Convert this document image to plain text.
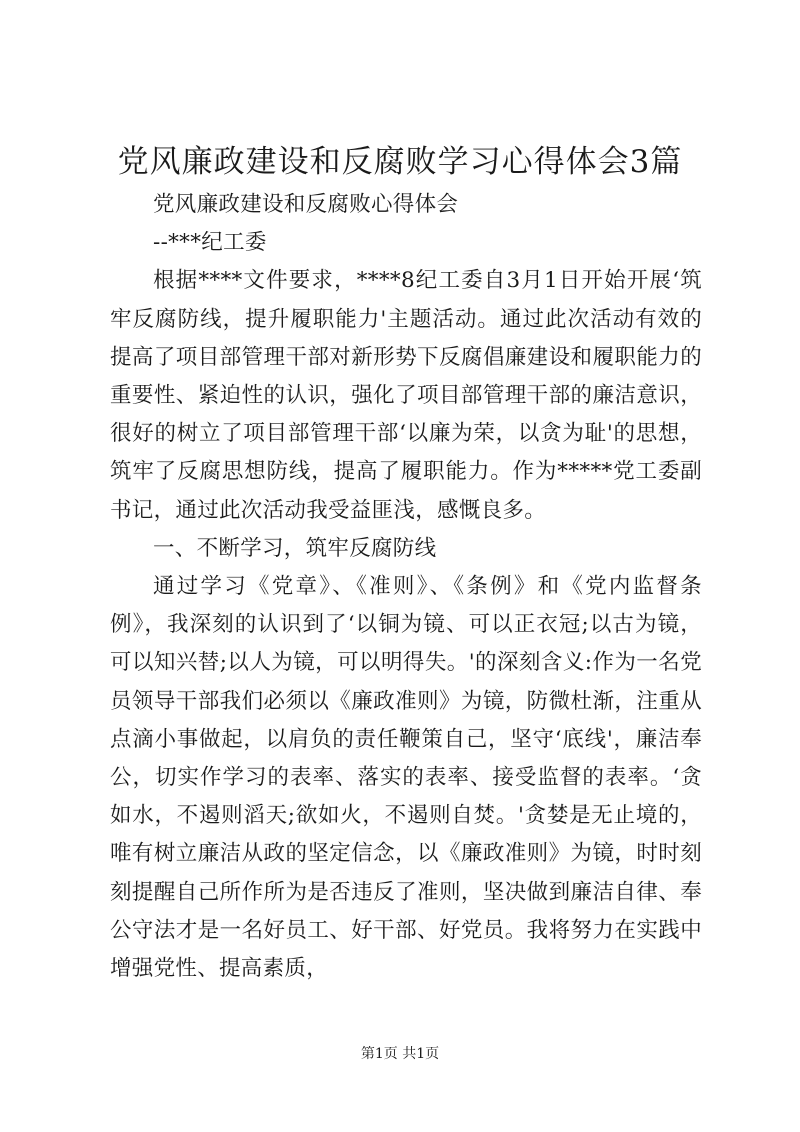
党风廉政建设和反腐败学习心得体会3篇

党风廉政建设和反腐败心得体会

--***纪工委

根据****文件要求，****8纪工委自3月1日开始开展‘筑牢反腐防线，提升履职能力'主题活动。通过此次活动有效的提高了项目部管理干部对新形势下反腐倡廉建设和履职能力的重要性、紧迫性的认识，强化了项目部管理干部的廉洁意识，很好的树立了项目部管理干部‘以廉为荣，以贪为耻'的思想，筑牢了反腐思想防线，提高了履职能力。作为*****党工委副书记，通过此次活动我受益匪浅，感慨良多。

一、不断学习，筑牢反腐防线

通过学习《党章》、《准则》、《条例》和《党内监督条例》，我深刻的认识到了‘以铜为镜、可以正衣冠;以古为镜，可以知兴替;以人为镜，可以明得失。'的深刻含义:作为一名党员领导干部我们必须以《廉政准则》为镜，防微杜渐，注重从点滴小事做起，以肩负的责任鞭策自己，坚守‘底线'，廉洁奉公，切实作学习的表率、落实的表率、接受监督的表率。‘贪如水，不遏则滔天;欲如火，不遏则自焚。'贪婪是无止境的，唯有树立廉洁从政的坚定信念，以《廉政准则》为镜，时时刻刻提醒自己所作所为是否违反了准则，坚决做到廉洁自律、奉公守法才是一名好员工、好干部、好党员。我将努力在实践中增强党性、提高素质，

第1页 共1页
